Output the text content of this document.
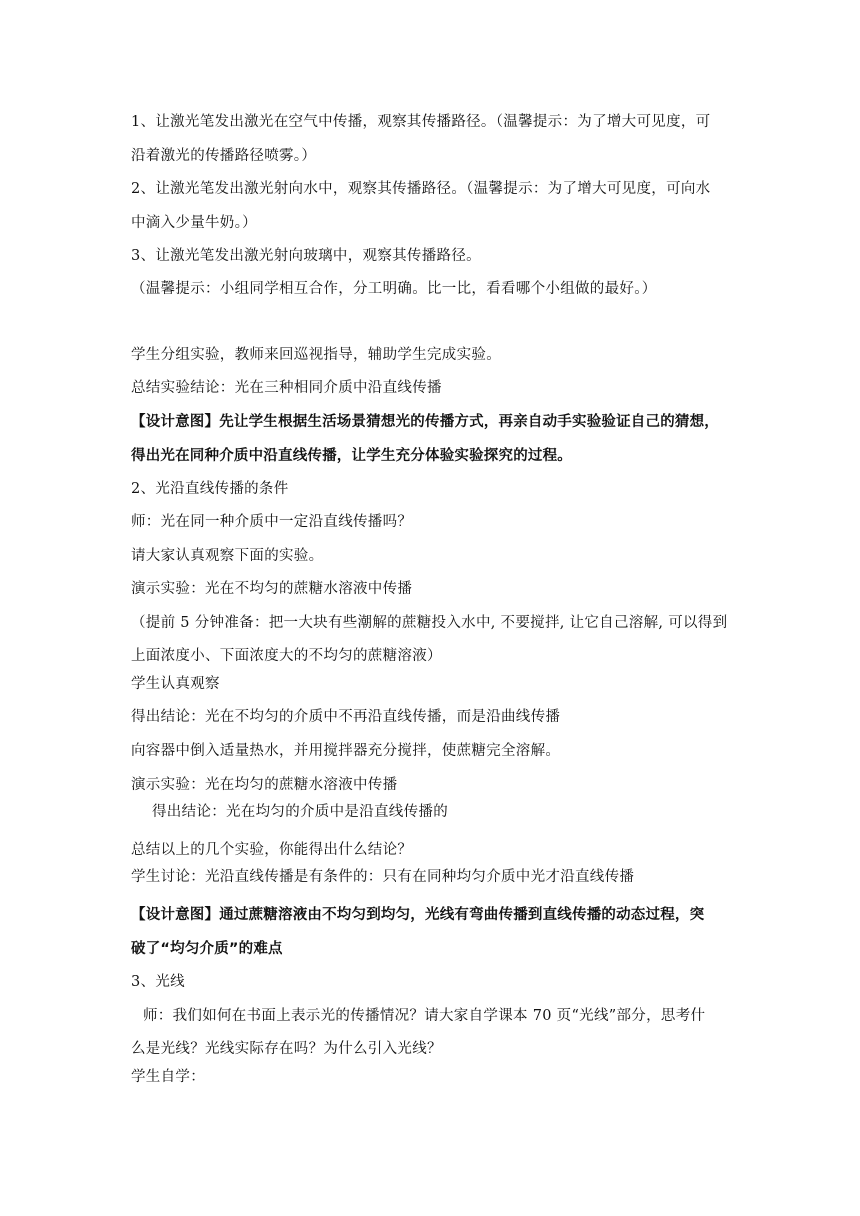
1、让激光笔发出激光在空气中传播，观察其传播路径。（温馨提示：为了增大可见度，可
沿着激光的传播路径喷雾。）
2、让激光笔发出激光射向水中，观察其传播路径。（温馨提示：为了增大可见度，可向水
中滴入少量牛奶。）
3、让激光笔发出激光射向玻璃中，观察其传播路径。
（温馨提示：小组同学相互合作，分工明确。比一比，看看哪个小组做的最好。）
学生分组实验，教师来回巡视指导，辅助学生完成实验。
总结实验结论：光在三种相同介质中沿直线传播
【设计意图】先让学生根据生活场景猜想光的传播方式，再亲自动手实验验证自己的猜想，
得出光在同种介质中沿直线传播，让学生充分体验实验探究的过程。
2、光沿直线传播的条件
师：光在同一种介质中一定沿直线传播吗？
请大家认真观察下面的实验。
演示实验：光在不均匀的蔗糖水溶液中传播
（提前 5 分钟准备：把一大块有些潮解的蔗糖投入水中, 不要搅拌, 让它自己溶解, 可以得到
上面浓度小、下面浓度大的不均匀的蔗糖溶液）
学生认真观察
得出结论：光在不均匀的介质中不再沿直线传播，而是沿曲线传播
向容器中倒入适量热水，并用搅拌器充分搅拌，使蔗糖完全溶解。
演示实验：光在均匀的蔗糖水溶液中传播
得出结论：光在均匀的介质中是沿直线传播的
总结以上的几个实验，你能得出什么结论？
学生讨论：光沿直线传播是有条件的：只有在同种均匀介质中光才沿直线传播
【设计意图】通过蔗糖溶液由不均匀到均匀，光线有弯曲传播到直线传播的动态过程，突
破了“均匀介质”的难点
3、光线
师：我们如何在书面上表示光的传播情况？请大家自学课本 70 页“光线”部分，思考什
么是光线？光线实际存在吗？为什么引入光线？
学生自学：
